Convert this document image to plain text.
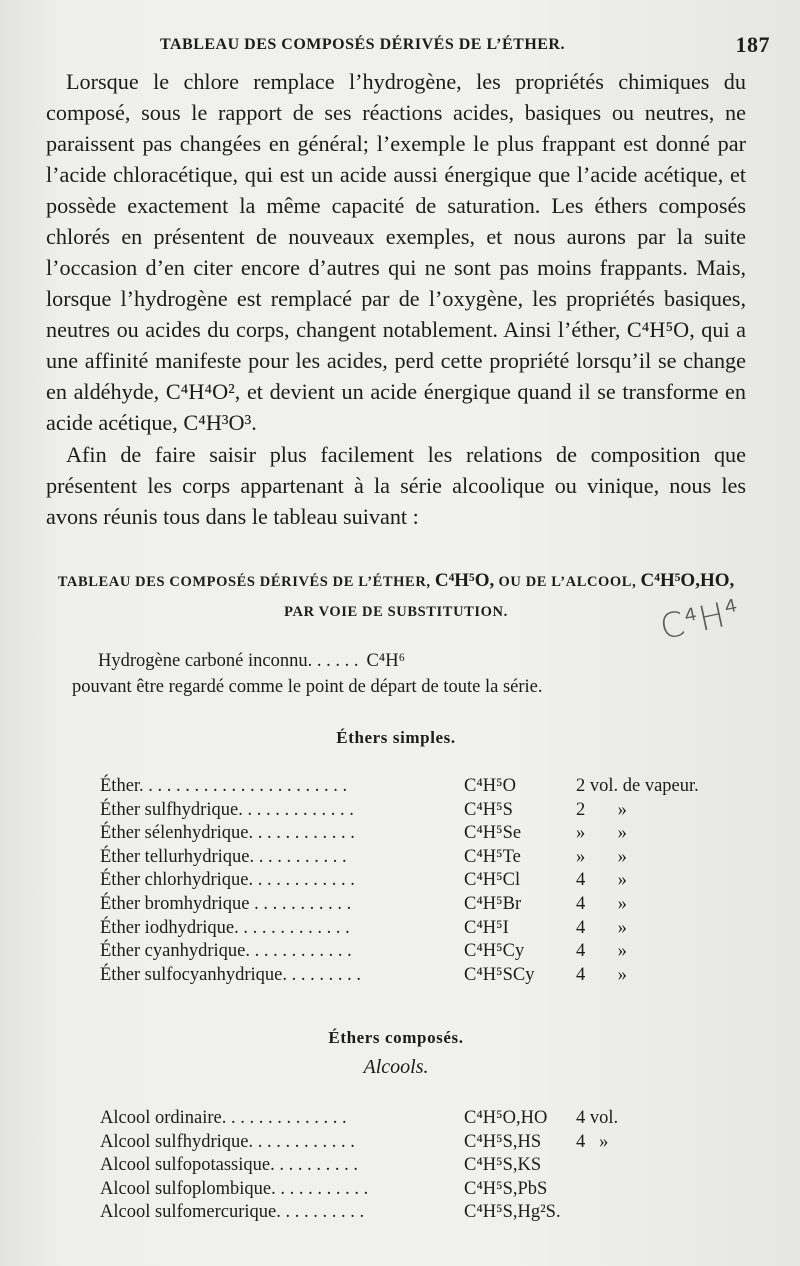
TABLEAU DES COMPOSÉS DÉRIVÉS DE L’ÉTHER.	187

Lorsque le chlore remplace l’hydrogène, les propriétés chimiques du composé, sous le rapport de ses réactions acides, basiques ou neutres, ne paraissent pas changées en général; l’exemple le plus frappant est donné par l’acide chloracétique, qui est un acide aussi énergique que l’acide acétique, et possède exactement la même capacité de saturation. Les éthers composés chlorés en présentent de nouveaux exemples, et nous aurons par la suite l’occasion d’en citer encore d’autres qui ne sont pas moins frappants. Mais, lorsque l’hydrogène est remplacé par de l’oxygène, les propriétés basiques, neutres ou acides du corps, changent notablement. Ainsi l’éther, C⁴H⁵O, qui a une affinité manifeste pour les acides, perd cette propriété lorsqu’il se change en aldéhyde, C⁴H⁴O², et devient un acide énergique quand il se transforme en acide acétique, C⁴H³O³.

Afin de faire saisir plus facilement les relations de composition que présentent les corps appartenant à la série alcoolique ou vinique, nous les avons réunis tous dans le tableau suivant :

TABLEAU DES COMPOSÉS DÉRIVÉS DE L’ÉTHER, C⁴H⁵O, OU DE L’ALCOOL, C⁴H⁵O,HO,
PAR VOIE DE SUBSTITUTION.	C⁴H⁴
Hydrogène carboné inconnu. . . . . . C⁴H⁶
pouvant être regardé comme le point de départ de toute la série.
Éthers simples.
Éther. . . . . . . . . . . . . . . . . . . . . . .	C⁴H⁵O	2 vol. de vapeur.
Éther sulfhydrique. . . . . . . . . . . . .	C⁴H⁵S	2       »
Éther sélenhydrique. . . . . . . . . . . .	C⁴H⁵Se	»       »
Éther tellurhydrique. . . . . . . . . . .	C⁴H⁵Te	»       »
Éther chlorhydrique. . . . . . . . . . . .	C⁴H⁵Cl	4       »
Éther bromhydrique . . . . . . . . . . .	C⁴H⁵Br	4       »
Éther iodhydrique. . . . . . . . . . . . .	C⁴H⁵I	4       »
Éther cyanhydrique. . . . . . . . . . . .	C⁴H⁵Cy	4       »
Éther sulfocyanhydrique. . . . . . . . .	C⁴H⁵SCy	4       »
Éthers composés.
Alcools.
Alcool ordinaire. . . . . . . . . . . . . .	C⁴H⁵O,HO	4 vol.
Alcool sulfhydrique. . . . . . . . . . . .	C⁴H⁵S,HS	4   »
Alcool sulfopotassique. . . . . . . . . .	C⁴H⁵S,KS	
Alcool sulfoplombique. . . . . . . . . . .	C⁴H⁵S,PbS	
Alcool sulfomercurique. . . . . . . . . .	C⁴H⁵S,Hg²S.	
